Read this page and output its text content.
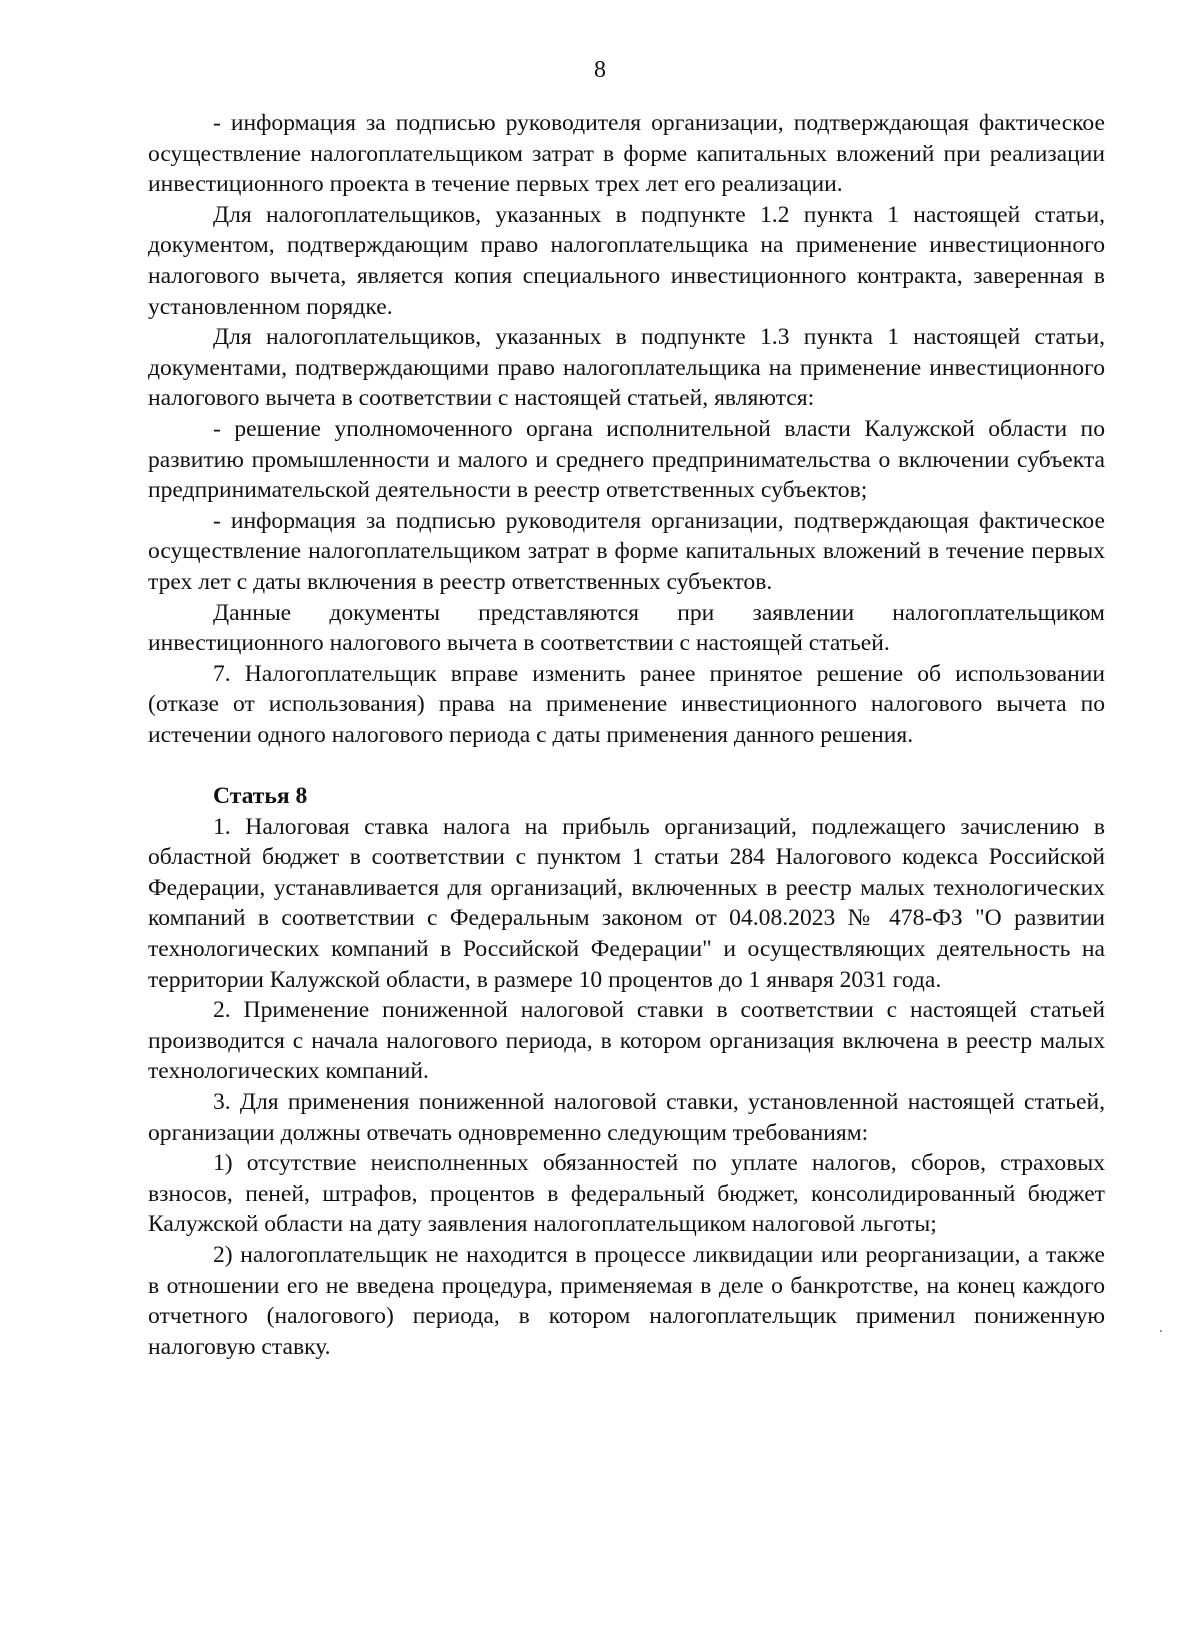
8

- информация за подписью руководителя организации, подтверждающая фактическое осуществление налогоплательщиком затрат в форме капитальных вложений при реализации инвестиционного проекта в течение первых трех лет его реализации.

Для налогоплательщиков, указанных в подпункте 1.2 пункта 1 настоящей статьи, документом, подтверждающим право налогоплательщика на применение инвестиционного налогового вычета, является копия специального инвестиционного контракта, заверенная в установленном порядке.

Для налогоплательщиков, указанных в подпункте 1.3 пункта 1 настоящей статьи, документами, подтверждающими право налогоплательщика на применение инвестиционного налогового вычета в соответствии с настоящей статьей, являются:

- решение уполномоченного органа исполнительной власти Калужской области по развитию промышленности и малого и среднего предпринимательства о включении субъекта предпринимательской деятельности в реестр ответственных субъектов;

- информация за подписью руководителя организации, подтверждающая фактическое осуществление налогоплательщиком затрат в форме капитальных вложений в течение первых трех лет с даты включения в реестр ответственных субъектов.

Данные документы представляются при заявлении налогоплательщиком инвестиционного налогового вычета в соответствии с настоящей статьей.

7. Налогоплательщик вправе изменить ранее принятое решение об использовании (отказе от использования) права на применение инвестиционного налогового вычета по истечении одного налогового периода с даты применения данного решения.

Статья 8

1. Налоговая ставка налога на прибыль организаций, подлежащего зачислению в областной бюджет в соответствии с пунктом 1 статьи 284 Налогового кодекса Российской Федерации, устанавливается для организаций, включенных в реестр малых технологических компаний в соответствии с Федеральным законом от 04.08.2023 № 478-ФЗ "О развитии технологических компаний в Российской Федерации" и осуществляющих деятельность на территории Калужской области, в размере 10 процентов до 1 января 2031 года.

2. Применение пониженной налоговой ставки в соответствии с настоящей статьей производится с начала налогового периода, в котором организация включена в реестр малых технологических компаний.

3. Для применения пониженной налоговой ставки, установленной настоящей статьей, организации должны отвечать одновременно следующим требованиям:

1) отсутствие неисполненных обязанностей по уплате налогов, сборов, страховых взносов, пеней, штрафов, процентов в федеральный бюджет, консолидированный бюджет Калужской области на дату заявления налогоплательщиком налоговой льготы;

2) налогоплательщик не находится в процессе ликвидации или реорганизации, а также в отношении его не введена процедура, применяемая в деле о банкротстве, на конец каждого отчетного (налогового) периода, в котором налогоплательщик применил пониженную налоговую ставку.
